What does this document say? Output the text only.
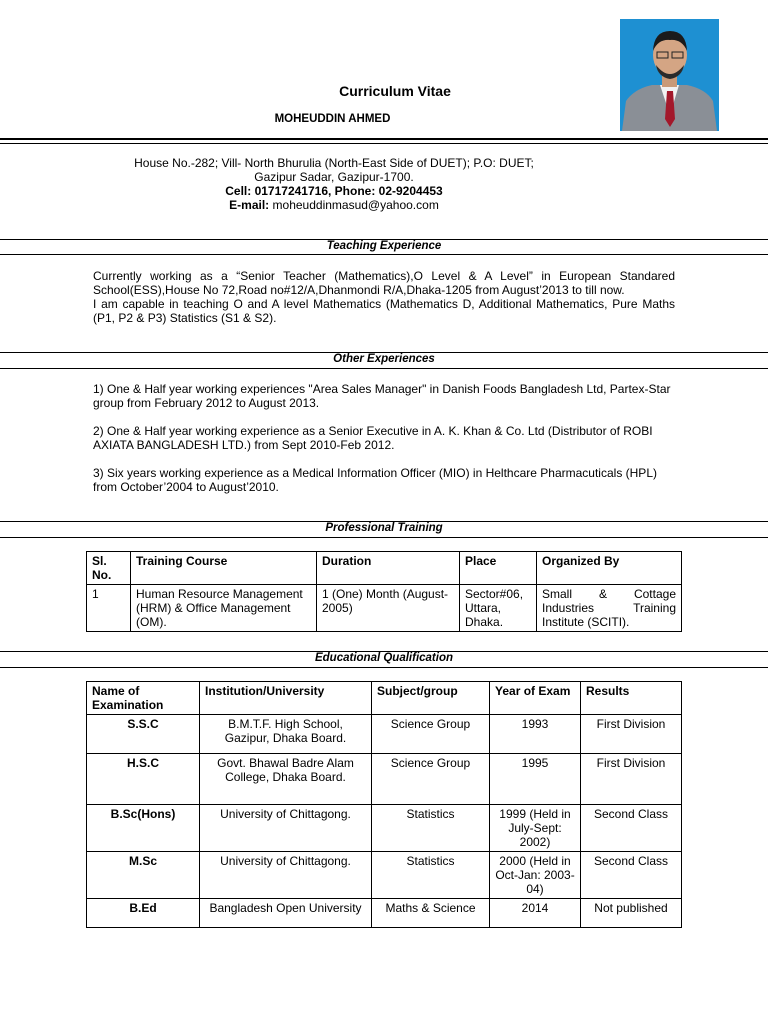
Curriculum Vitae
MOHEUDDIN AHMED
House No.-282; Vill- North Bhurulia (North-East Side of DUET); P.O: DUET;
Gazipur Sadar, Gazipur-1700.
Cell: 01717241716, Phone: 02-9204453
E-mail: moheuddinmasud@yahoo.com
Teaching Experience
Currently working as a “Senior Teacher (Mathematics),O Level & A Level” in European Standared School(ESS),House No 72,Road no#12/A,Dhanmondi R/A,Dhaka-1205 from August’2013 to till now.
I am capable in teaching O and A level Mathematics (Mathematics D, Additional Mathematics, Pure Maths (P1, P2 & P3) Statistics (S1 & S2).
Other Experiences
1) One & Half year working experiences "Area Sales Manager" in Danish Foods Bangladesh Ltd, Partex-Star group from February 2012 to August 2013.
2) One & Half year working experience as a Senior Executive in A. K. Khan & Co. Ltd (Distributor of ROBI AXIATA BANGLADESH LTD.) from Sept 2010-Feb 2012.
3) Six years working experience as a Medical Information Officer (MIO) in Helthcare Pharmacuticals (HPL) from October’2004 to August’2010.
Professional Training
Sl. No.	Training Course	Duration	Place	Organized By
1	Human Resource Management (HRM) & Office Management (OM).	1 (One) Month (August-2005)	Sector#06, Uttara, Dhaka.	Small & Cottage Industries Training Institute (SCITI).
Educational Qualification
Name of Examination	Institution/University	Subject/group	Year of Exam	Results
S.S.C	B.M.T.F. High School, Gazipur, Dhaka Board.	Science Group	1993	First Division
H.S.C	Govt. Bhawal Badre Alam College, Dhaka Board.	Science Group	1995	First Division
B.Sc(Hons)	University of Chittagong.	Statistics	1999 (Held in July-Sept: 2002)	Second Class
M.Sc	University of Chittagong.	Statistics	2000 (Held in Oct-Jan: 2003-04)	Second Class
B.Ed	Bangladesh Open University	Maths & Science	2014	Not published
